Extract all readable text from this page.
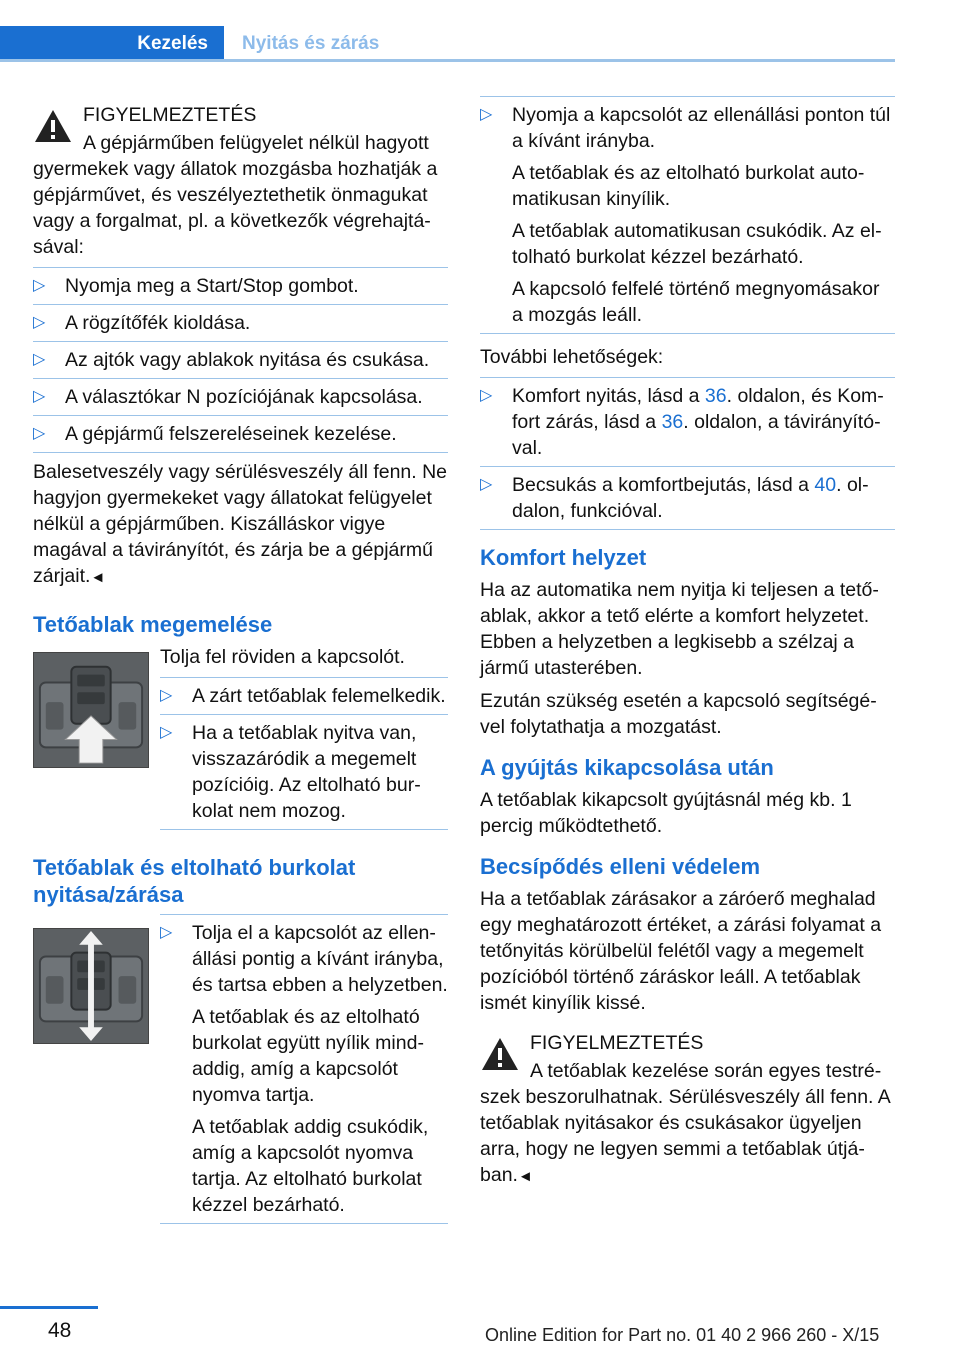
Kezelés Nyitás és zárás

FIGYELMEZTETÉS

A gépjárműben felügyelet nélkül hagyott gyermekek vagy állatok mozgásba hozhatják a gépjárművet, és veszélyeztethetik önmagukat vagy a forgalmat, pl. a következők végrehajtásával:

▷ Nyomja meg a Start/Stop gombot.
▷ A rögzítőfék kioldása.
▷ Az ajtók vagy ablakok nyitása és csukása.
▷ A választókar N pozíciójának kapcsolása.
▷ A gépjármű felszereléseinek kezelése.

Balesetveszély vagy sérülésveszély áll fenn. Ne hagyjon gyermekeket vagy állatokat felügyelet nélkül a gépjárműben. Kiszálláskor vigye magával a távirányítót, és zárja be a gépjármű zárjait.◄

Tetőablak megemelése

Tolja fel röviden a kapcsolót.

▷ A zárt tetőablak felemelkedik.
▷ Ha a tetőablak nyitva van, visszazáródik a megemelt pozícióig. Az eltolható burkolat nem mozog.
Tetőablak és eltolható burkolat nyitása/zárása
▷ Tolja el a kapcsolót az ellenállási pontig a kívánt irányba, és tartsa ebben a helyzetben.

A tetőablak és az eltolható burkolat együtt nyílik mindaddig, amíg a kapcsolót nyomva tartja.

A tetőablak addig csukódik, amíg a kapcsolót nyomva tartja. Az eltolható burkolat kézzel bezárható.

▷ Nyomja a kapcsolót az ellenállási ponton túl a kívánt irányba.

A tetőablak és az eltolható burkolat automatikusan kinyílik.

A tetőablak automatikusan csukódik. Az eltolható burkolat kézzel bezárható.

A kapcsoló felfelé történő megnyomásakor a mozgás leáll.

További lehetőségek:

▷ Komfort nyitás, lásd a 36. oldalon, és Komfort zárás, lásd a 36. oldalon, a távirányítóval.
▷ Becsukás a komfortbejutás, lásd a 40. oldalon, funkcióval.
Komfort helyzet

Ha az automatika nem nyitja ki teljesen a tetőablak, akkor a tető elérte a komfort helyzetet. Ebben a helyzetben a legkisebb a szélzaj a jármű utasterében.

Ezután szükség esetén a kapcsoló segítségével folytathatja a mozgatást.

A gyújtás kikapcsolása után

A tetőablak kikapcsolt gyújtásnál még kb. 1 percig működtethető.

Becsípődés elleni védelem

Ha a tetőablak zárásakor a záróerő meghalad egy meghatározott értéket, a zárási folyamat a tetőnyitás körülbelül felétől vagy a megemelt pozícióból történő záráskor leáll. A tetőablak ismét kinyílik kissé.

FIGYELMEZTETÉS

A tetőablak kezelése során egyes testrészek beszorulhatnak. Sérülésveszély áll fenn. A tetőablak nyitásakor és csukásakor ügyeljen arra, hogy ne legyen semmi a tetőablak útjában.◄

48	Online Edition for Part no. 01 40 2 966 260 - X/15
